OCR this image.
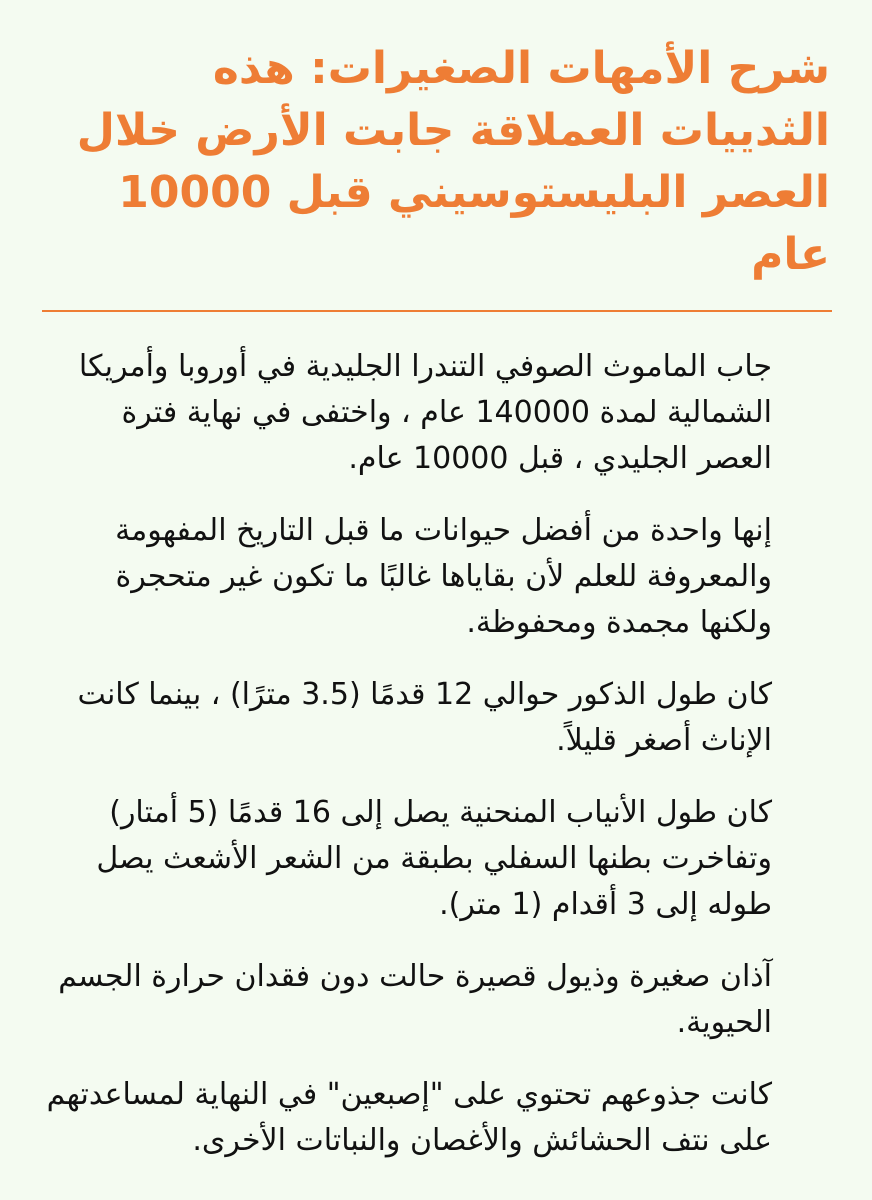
شرح الأمهات الصغيرات: هذه الثدييات العملاقة جابت الأرض خلال العصر البليستوسيني قبل 10000 عام

جاب الماموث الصوفي التندرا الجليدية في أوروبا وأمريكا الشمالية لمدة 140000 عام ، واختفى في نهاية فترة العصر الجليدي ، قبل 10000 عام.

إنها واحدة من أفضل حيوانات ما قبل التاريخ المفهومة والمعروفة للعلم لأن بقاياها غالبًا ما تكون غير متحجرة ولكنها مجمدة ومحفوظة.

كان طول الذكور حوالي 12 قدمًا (3.5 مترًا) ، بينما كانت الإناث أصغر قليلاً.

كان طول الأنياب المنحنية يصل إلى 16 قدمًا (5 أمتار) وتفاخرت بطنها السفلي بطبقة من الشعر الأشعث يصل طوله إلى 3 أقدام (1 متر).

آذان صغيرة وذيول قصيرة حالت دون فقدان حرارة الجسم الحيوية.

كانت جذوعهم تحتوي على "إصبعين" في النهاية لمساعدتهم على نتف الحشائش والأغصان والنباتات الأخرى.
